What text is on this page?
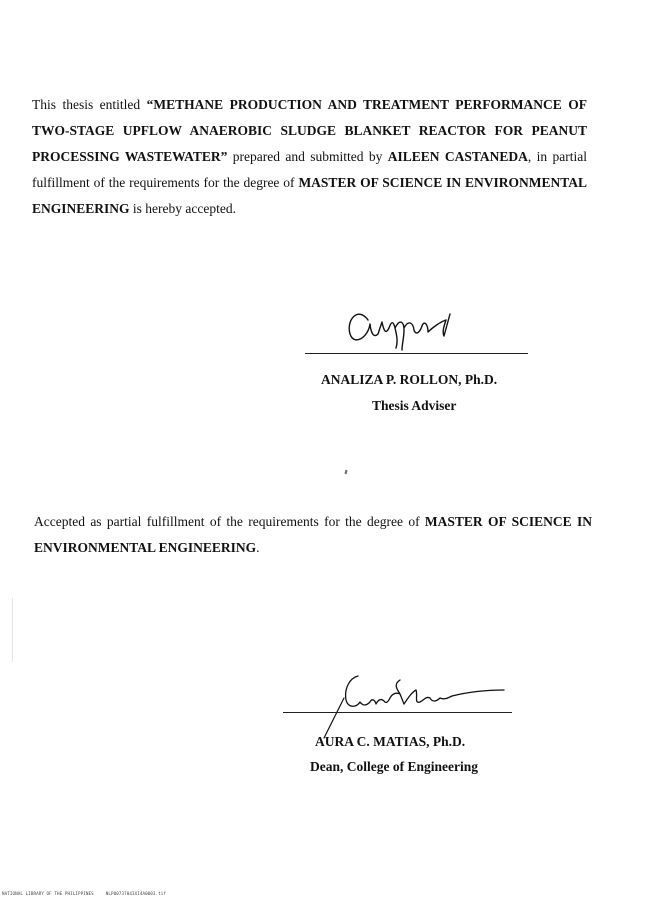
This thesis entitled “METHANE PRODUCTION AND TREATMENT PERFORMANCE OF TWO-STAGE UPFLOW ANAEROBIC SLUDGE BLANKET REACTOR FOR PEANUT PROCESSING WASTEWATER” prepared and submitted by AILEEN CASTANEDA, in partial fulfillment of the requirements for the degree of MASTER OF SCIENCE IN ENVIRONMENTAL ENGINEERING is hereby accepted.
ANALIZA P. ROLLON, Ph.D.
Thesis Adviser
Accepted as partial fulfillment of the requirements for the degree of MASTER OF SCIENCE IN ENVIRONMENTAL ENGINEERING.
AURA C. MATIAS, Ph.D.
Dean, College of Engineering
NATIONAL LIBRARY OF THE PHILIPPINES	NLP00737043X14A0003.tif
